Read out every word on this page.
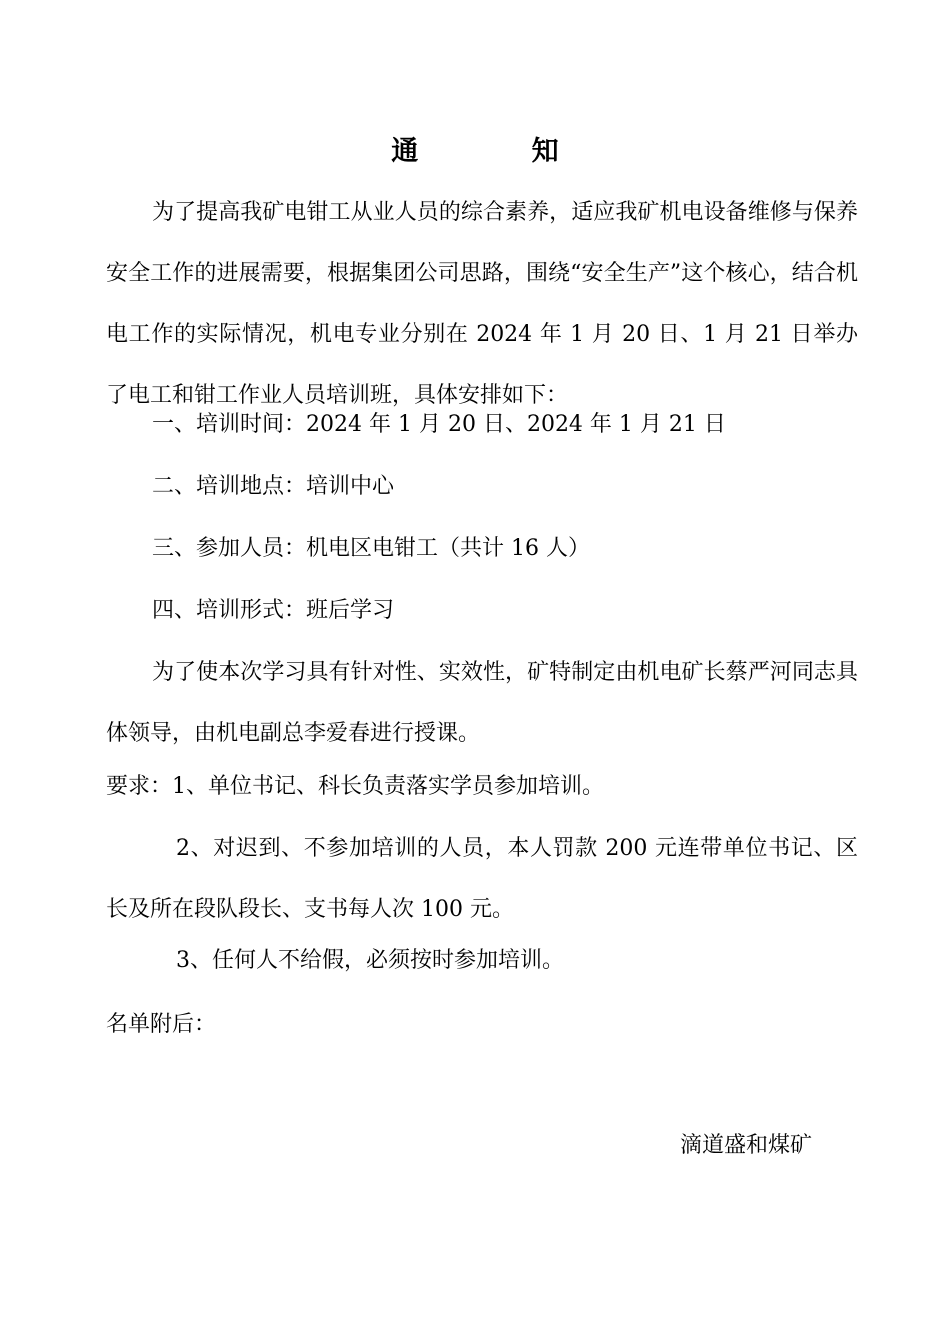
通　知

为了提高我矿电钳工从业人员的综合素养，适应我矿机电设备维修与保养安全工作的进展需要，根据集团公司思路，围绕“安全生产”这个核心，结合机电工作的实际情况，机电专业分别在 2024 年 1 月 20 日、1 月 21 日举办了电工和钳工作业人员培训班，具体安排如下：

一、培训时间：2024 年 1 月 20 日、2024 年 1 月 21 日

二、培训地点：培训中心

三、参加人员：机电区电钳工（共计 16 人）

四、培训形式：班后学习

为了使本次学习具有针对性、实效性，矿特制定由机电矿长蔡严河同志具体领导，由机电副总李爱春进行授课。

要求：1、单位书记、科长负责落实学员参加培训。

2、对迟到、不参加培训的人员，本人罚款 200 元连带单位书记、区长及所在段队段长、支书每人次 100 元。

3、任何人不给假，必须按时参加培训。

名单附后：

滴道盛和煤矿
